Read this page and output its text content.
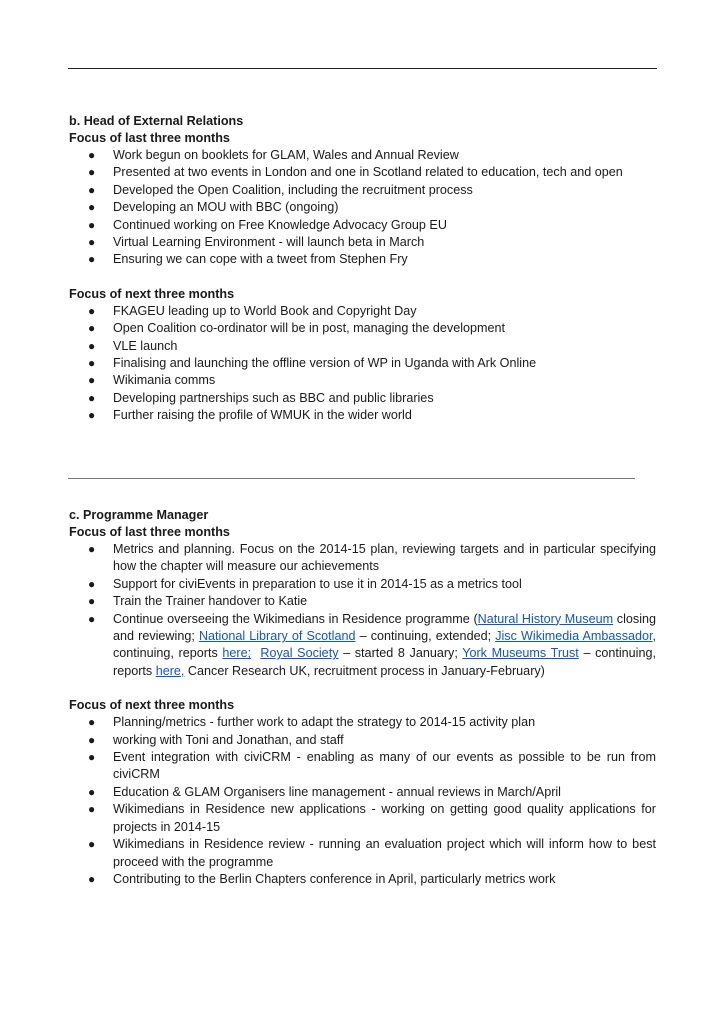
b. Head of External Relations

Focus of last three months

● Work begun on booklets for GLAM, Wales and Annual Review
● Presented at two events in London and one in Scotland related to education, tech and open
● Developed the Open Coalition, including the recruitment process
● Developing an MOU with BBC (ongoing)
● Continued working on Free Knowledge Advocacy Group EU
● Virtual Learning Environment - will launch beta in March
● Ensuring we can cope with a tweet from Stephen Fry

Focus of next three months

● FKAGEU leading up to World Book and Copyright Day
● Open Coalition co-ordinator will be in post, managing the development
● VLE launch
● Finalising and launching the offline version of WP in Uganda with Ark Online
● Wikimania comms
● Developing partnerships such as BBC and public libraries
● Further raising the profile of WMUK in the wider world

c. Programme Manager

Focus of last three months

● Metrics and planning. Focus on the 2014-15 plan, reviewing targets and in particular specifying how the chapter will measure our achievements
● Support for civiEvents in preparation to use it in 2014-15 as a metrics tool
● Train the Trainer handover to Katie
● Continue overseeing the Wikimedians in Residence programme (Natural History Museum closing and reviewing; National Library of Scotland – continuing, extended; Jisc Wikimedia Ambassador, continuing, reports here; Royal Society – started 8 January; York Museums Trust – continuing, reports here, Cancer Research UK, recruitment process in January-February)

Focus of next three months

● Planning/metrics - further work to adapt the strategy to 2014-15 activity plan
● working with Toni and Jonathan, and staff
● Event integration with civiCRM - enabling as many of our events as possible to be run from civiCRM
● Education & GLAM Organisers line management - annual reviews in March/April
● Wikimedians in Residence new applications - working on getting good quality applications for projects in 2014-15
● Wikimedians in Residence review - running an evaluation project which will inform how to best proceed with the programme
● Contributing to the Berlin Chapters conference in April, particularly metrics work
